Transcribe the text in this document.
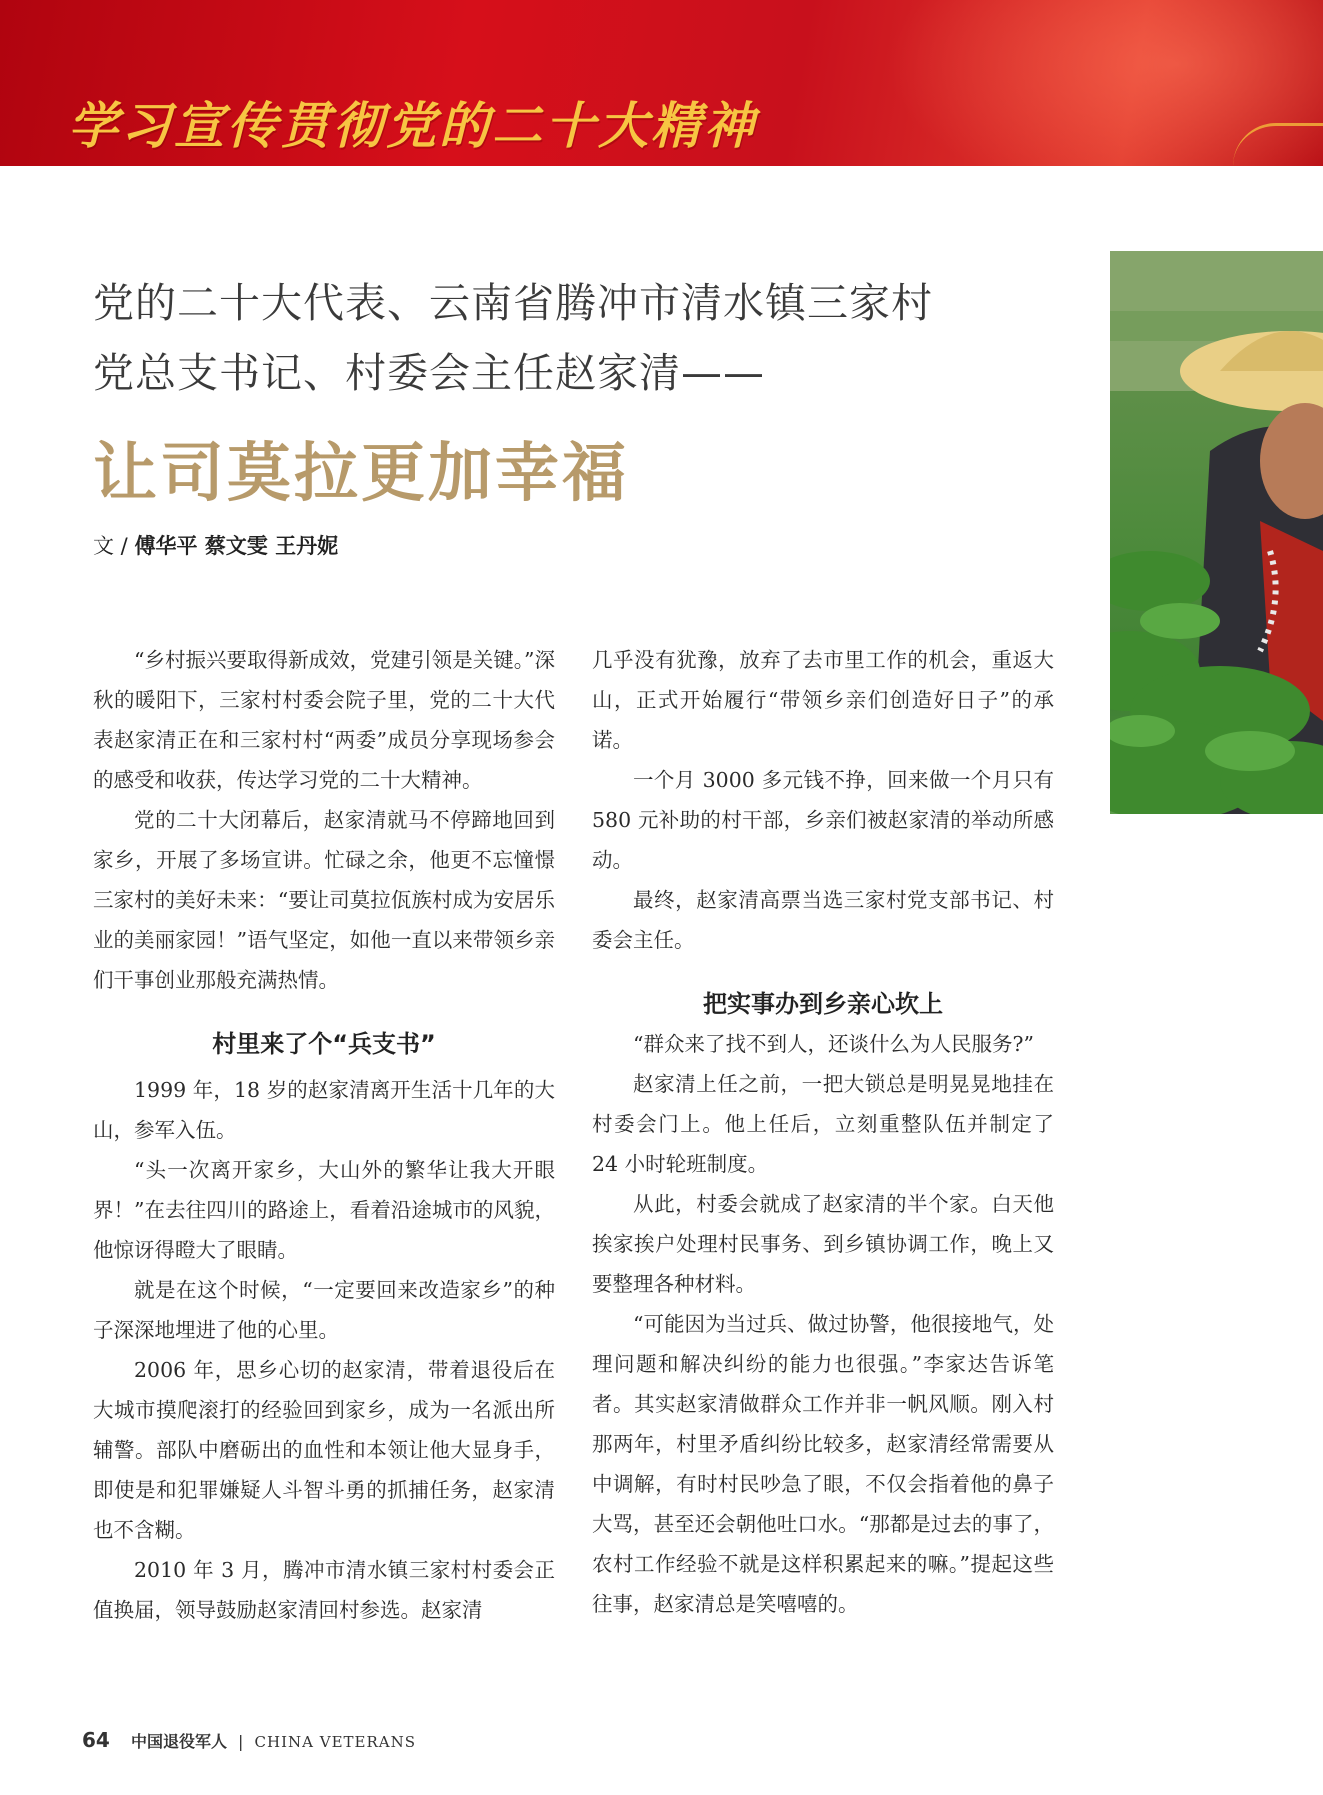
学习宣传贯彻党的二十大精神
党的二十大代表、云南省腾冲市清水镇三家村
党总支书记、村委会主任赵家清——
让司莫拉更加幸福
文 / 傅华平 蔡文雯 王丹妮

“乡村振兴要取得新成效，党建引领是关键。”深秋的暖阳下，三家村村委会院子里，党的二十大代表赵家清正在和三家村村“两委”成员分享现场参会的感受和收获，传达学习党的二十大精神。

党的二十大闭幕后，赵家清就马不停蹄地回到家乡，开展了多场宣讲。忙碌之余，他更不忘憧憬三家村的美好未来：“要让司莫拉佤族村成为安居乐业的美丽家园！”语气坚定，如他一直以来带领乡亲们干事创业那般充满热情。

村里来了个“兵支书”

1999 年，18 岁的赵家清离开生活十几年的大山，参军入伍。

“头一次离开家乡，大山外的繁华让我大开眼界！”在去往四川的路途上，看着沿途城市的风貌，他惊讶得瞪大了眼睛。

就是在这个时候，“一定要回来改造家乡”的种子深深地埋进了他的心里。

2006 年，思乡心切的赵家清，带着退役后在大城市摸爬滚打的经验回到家乡，成为一名派出所辅警。部队中磨砺出的血性和本领让他大显身手，即使是和犯罪嫌疑人斗智斗勇的抓捕任务，赵家清也不含糊。

2010 年 3 月，腾冲市清水镇三家村村委会正值换届，领导鼓励赵家清回村参选。赵家清

几乎没有犹豫，放弃了去市里工作的机会，重返大山，正式开始履行“带领乡亲们创造好日子”的承诺。

一个月 3000 多元钱不挣，回来做一个月只有 580 元补助的村干部，乡亲们被赵家清的举动所感动。

最终，赵家清高票当选三家村党支部书记、村委会主任。

把实事办到乡亲心坎上

“群众来了找不到人，还谈什么为人民服务?”

赵家清上任之前，一把大锁总是明晃晃地挂在村委会门上。他上任后，立刻重整队伍并制定了 24 小时轮班制度。

从此，村委会就成了赵家清的半个家。白天他挨家挨户处理村民事务、到乡镇协调工作，晚上又要整理各种材料。

“可能因为当过兵、做过协警，他很接地气，处理问题和解决纠纷的能力也很强。”李家达告诉笔者。其实赵家清做群众工作并非一帆风顺。刚入村那两年，村里矛盾纠纷比较多，赵家清经常需要从中调解，有时村民吵急了眼，不仅会指着他的鼻子大骂，甚至还会朝他吐口水。“那都是过去的事了，农村工作经验不就是这样积累起来的嘛。”提起这些往事，赵家清总是笑嘻嘻的。

64 中国退役军人 | CHINA VETERANS
